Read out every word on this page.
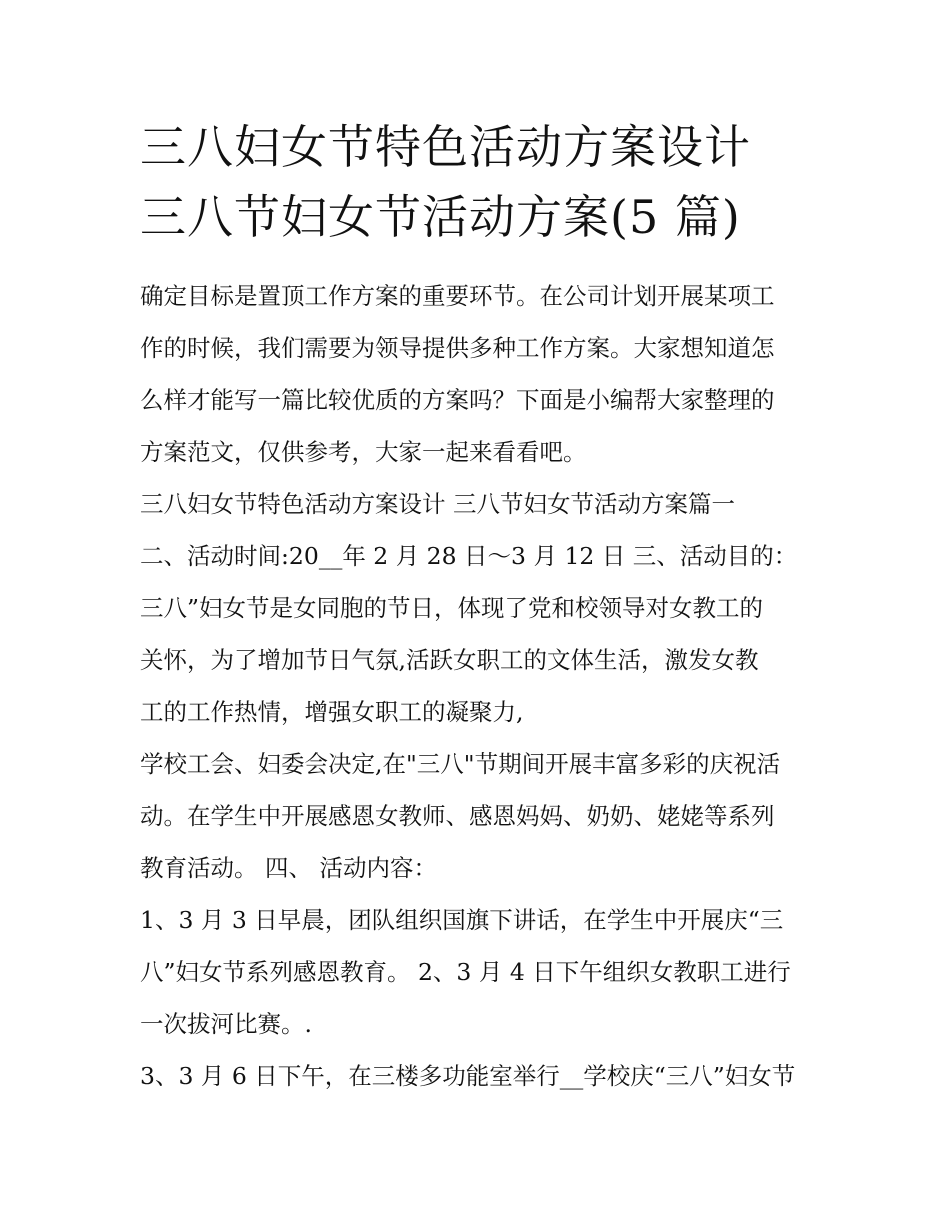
三八妇女节特色活动方案设计
三八节妇女节活动方案(5 篇)
确定目标是置顶工作方案的重要环节。在公司计划开展某项工
作的时候，我们需要为领导提供多种工作方案。大家想知道怎
么样才能写一篇比较优质的方案吗？下面是小编帮大家整理的
方案范文，仅供参考，大家一起来看看吧。
三八妇女节特色活动方案设计 三八节妇女节活动方案篇一
二、活动时间:20__年 2 月 28 日～3 月 12 日 三、活动目的：
三八”妇女节是女同胞的节日，体现了党和校领导对女教工的
关怀，为了增加节日气氛,活跃女职工的文体生活，激发女教
工的工作热情，增强女职工的凝聚力,
学校工会、妇委会决定,在"三八"节期间开展丰富多彩的庆祝活
动。在学生中开展感恩女教师、感恩妈妈、奶奶、姥姥等系列
教育活动。 四、 活动内容：
1、3 月 3 日早晨，团队组织国旗下讲话，在学生中开展庆“三
八”妇女节系列感恩教育。 2、3 月 4 日下午组织女教职工进行
一次拔河比赛。.
3、3 月 6 日下午，在三楼多功能室举行__学校庆“三八”妇女节
